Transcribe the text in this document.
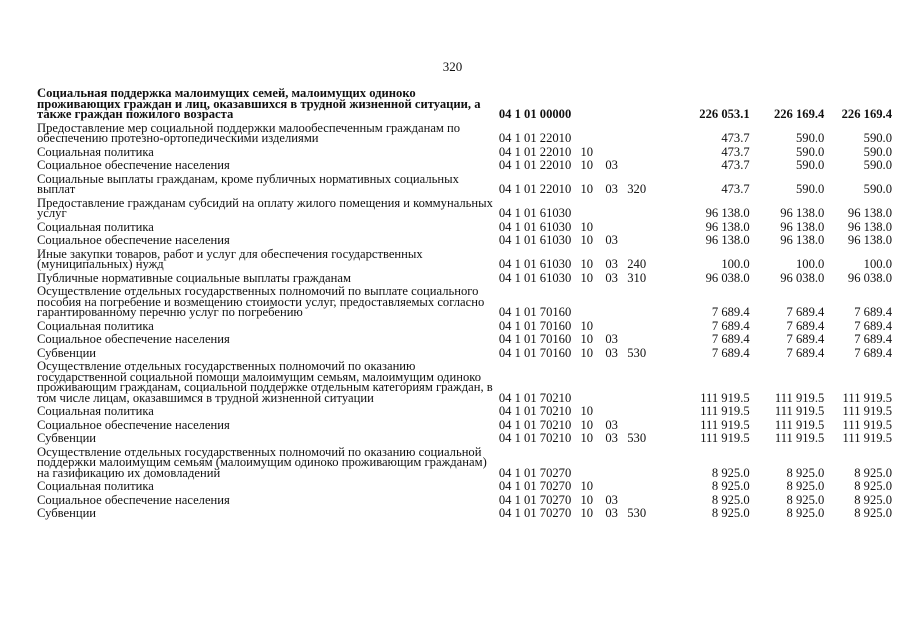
320
Социальная поддержка малоимущих семей, малоимущих одиноко проживающих граждан и лиц, оказавшихся в трудной жизненной ситуации, а также граждан пожилого возраста	04 1 01 00000	226 053.1	226 169.4	226 169.4
Предоставление мер социальной поддержки малообеспеченным гражданам по обеспечению протезно-ортопедическими изделиями	04 1 01 22010	473.7	590.0	590.0
Социальная политика	04 1 01 22010 10	473.7	590.0	590.0
Социальное обеспечение населения	04 1 01 22010 10 03	473.7	590.0	590.0
Социальные выплаты гражданам, кроме публичных нормативных социальных выплат	04 1 01 22010 10 03 320	473.7	590.0	590.0
Предоставление гражданам субсидий на оплату жилого помещения и коммунальных услуг	04 1 01 61030	96 138.0	96 138.0	96 138.0
Социальная политика	04 1 01 61030 10	96 138.0	96 138.0	96 138.0
Социальное обеспечение населения	04 1 01 61030 10 03	96 138.0	96 138.0	96 138.0
Иные закупки товаров, работ и услуг для обеспечения государственных (муниципальных) нужд	04 1 01 61030 10 03 240	100.0	100.0	100.0
Публичные нормативные социальные выплаты гражданам	04 1 01 61030 10 03 310	96 038.0	96 038.0	96 038.0
Осуществление отдельных государственных полномочий по выплате социального пособия на погребение и возмещению стоимости услуг, предоставляемых согласно гарантированному перечню услуг по погребению	04 1 01 70160	7 689.4	7 689.4	7 689.4
Социальная политика	04 1 01 70160 10	7 689.4	7 689.4	7 689.4
Социальное обеспечение населения	04 1 01 70160 10 03	7 689.4	7 689.4	7 689.4
Субвенции	04 1 01 70160 10 03 530	7 689.4	7 689.4	7 689.4
Осуществление отдельных государственных полномочий по оказанию государственной социальной помощи малоимущим семьям, малоимущим одиноко проживающим гражданам, социальной поддержке отдельным категориям граждан, в том числе лицам, оказавшимся в трудной жизненной ситуации	04 1 01 70210	111 919.5	111 919.5	111 919.5
Социальная политика	04 1 01 70210 10	111 919.5	111 919.5	111 919.5
Социальное обеспечение населения	04 1 01 70210 10 03	111 919.5	111 919.5	111 919.5
Субвенции	04 1 01 70210 10 03 530	111 919.5	111 919.5	111 919.5
Осуществление отдельных государственных полномочий по оказанию социальной поддержки малоимущим семьям (малоимущим одиноко проживающим гражданам) на газификацию их домовладений	04 1 01 70270	8 925.0	8 925.0	8 925.0
Социальная политика	04 1 01 70270 10	8 925.0	8 925.0	8 925.0
Социальное обеспечение населения	04 1 01 70270 10 03	8 925.0	8 925.0	8 925.0
Субвенции	04 1 01 70270 10 03 530	8 925.0	8 925.0	8 925.0
